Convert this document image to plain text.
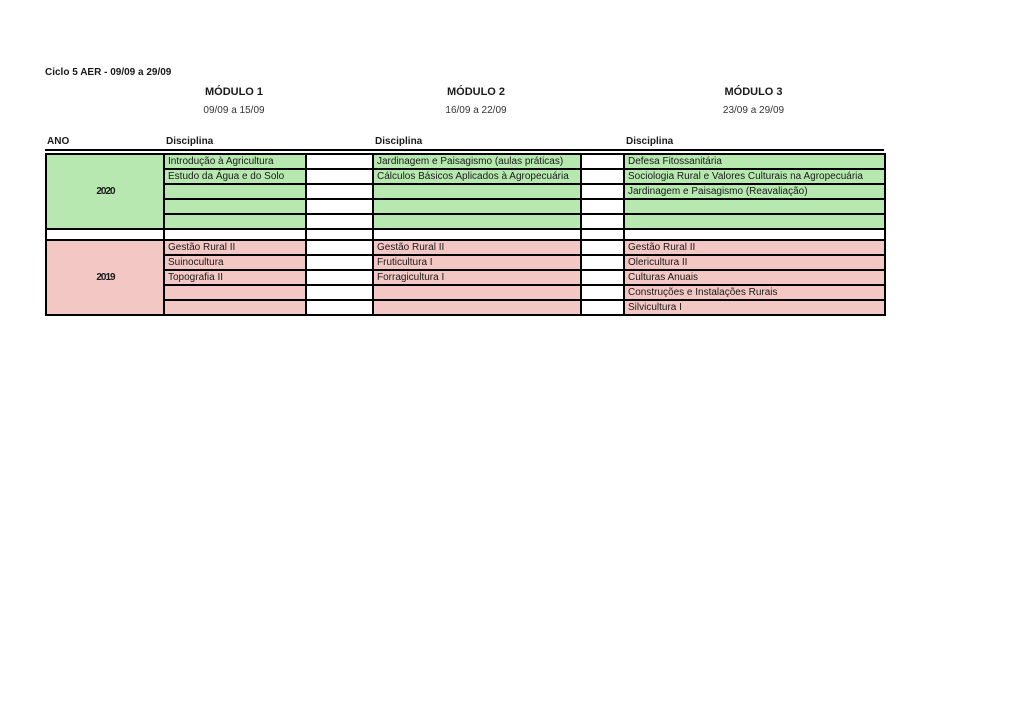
Ciclo 5 AER - 09/09 a 29/09
MÓDULO 1
09/09 a 15/09
MÓDULO 2
16/09 a 22/09
MÓDULO 3
23/09 a 29/09
ANO	Disciplina	Disciplina	Disciplina
2020	Introdução à Agricultura		Jardinagem e Paisagismo (aulas práticas)		Defesa Fitossanitária
	Estudo da Água e do Solo		Cálculos Básicos Aplicados à Agropecuária		Sociologia Rural e Valores Culturais na Agropecuária
					Jardinagem e Paisagismo (Reavaliação)

2019	Gestão Rural II		Gestão Rural II		Gestão Rural II
	Suinocultura		Fruticultura I		Olericultura II
	Topografia II		Forragicultura I		Culturas Anuais
					Construções e Instalações Rurais
					Silvicultura I
